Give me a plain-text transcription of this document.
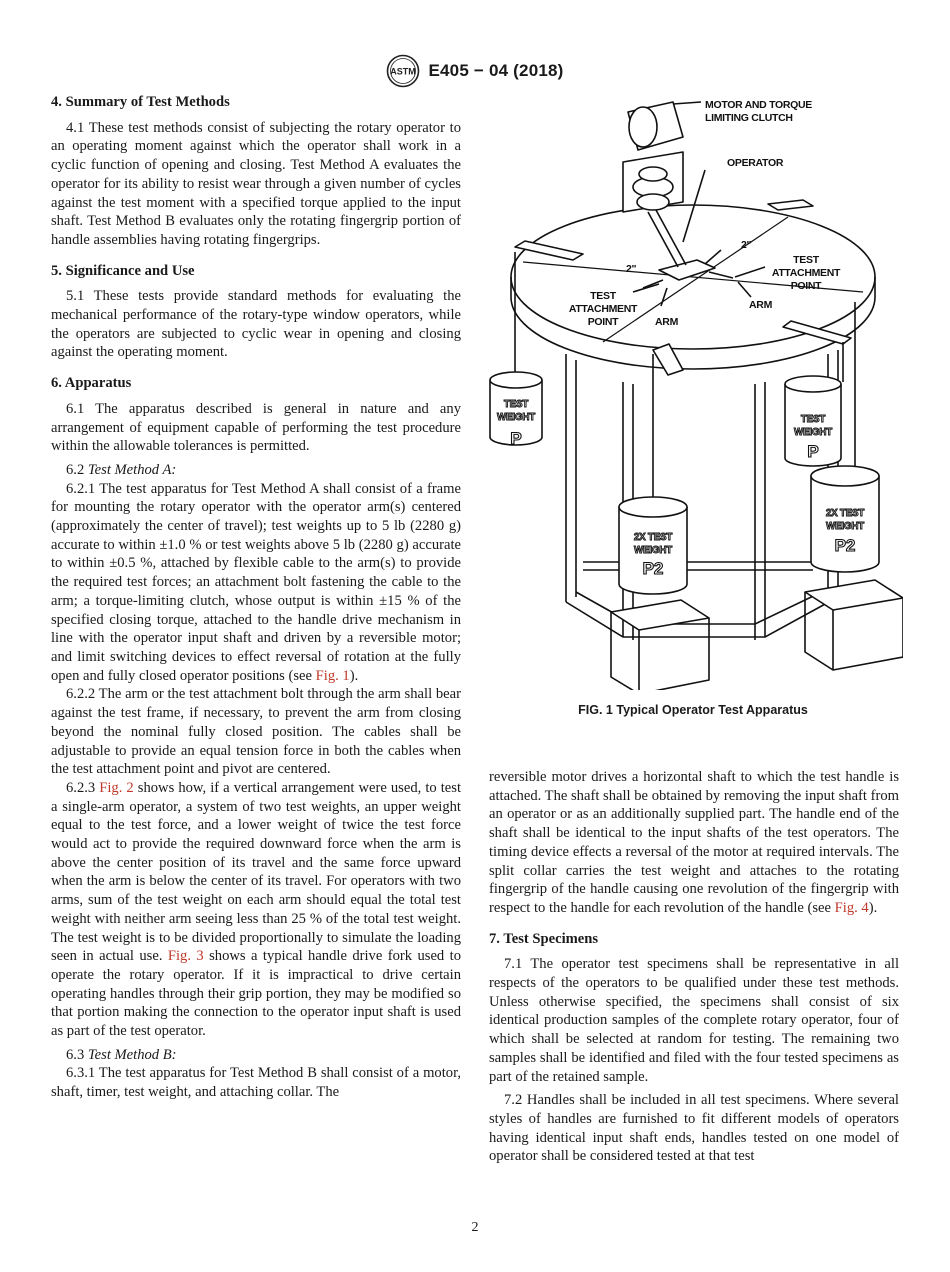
ASTM E405 − 04 (2018)
4. Summary of Test Methods

4.1 These test methods consist of subjecting the rotary operator to an operating moment against which the operator shall work in a cyclic function of opening and closing. Test Method A evaluates the operator for its ability to resist wear through a given number of cycles against the test moment with a specified torque applied to the input shaft. Test Method B evaluates only the rotating fingergrip portion of handle assemblies having rotating fingergrips.

5. Significance and Use

5.1 These tests provide standard methods for evaluating the mechanical performance of the rotary-type window operators, while the operators are subjected to cyclic wear in opening and closing against the operating moment.

6. Apparatus

6.1 The apparatus described is general in nature and any arrangement of equipment capable of performing the test procedure within the allowable tolerances is permitted.

6.2 Test Method A:

6.2.1 The test apparatus for Test Method A shall consist of a frame for mounting the rotary operator with the operator arm(s) centered (approximately the center of travel); test weights up to 5 lb (2280 g) accurate to within ±1.0 % or test weights above 5 lb (2280 g) accurate to within ±0.5 %, attached by flexible cable to the arm(s) to provide the required test forces; an attachment bolt fastening the cable to the arm; a torque-limiting clutch, whose output is within ±15 % of the specified closing torque, attached to the handle drive mechanism in line with the operator input shaft and driven by a reversible motor; and limit switching devices to effect reversal of rotation at the fully open and fully closed operator positions (see Fig. 1).

6.2.2 The arm or the test attachment bolt through the arm shall bear against the test frame, if necessary, to prevent the arm from closing beyond the nominal fully closed position. The cables shall be adjustable to provide an equal tension force in both the cables when the test attachment point and pivot are centered.

6.2.3 Fig. 2 shows how, if a vertical arrangement were used, to test a single-arm operator, a system of two test weights, an upper weight equal to the test force, and a lower weight of twice the test force would act to provide the required downward force when the arm is above the center position of its travel and the same force upward when the arm is below the center of its travel. For operators with two arms, sum of the test weight on each arm should equal the total test weight with neither arm seeing less than 25 % of the total test weight. The test weight is to be divided proportionally to simulate the loading seen in actual use. Fig. 3 shows a typical handle drive fork used to operate the rotary operator. If it is impractical to drive certain operating handles through their grip portion, they may be modified so that portion making the connection to the operator input shaft is used as part of the test operator.

6.3 Test Method B:

6.3.1 The test apparatus for Test Method B shall consist of a motor, shaft, timer, test weight, and attaching collar. The

MOTOR AND TORQUE
LIMITING CLUTCH
OPERATOR
2"
2"
TEST
ATTACHMENT
POINT
TEST
ATTACHMENT
POINT	ARM
ARM
TEST
WEIGHT
P
TEST
WEIGHT
P
2X TEST
WEIGHT
P2
2X TEST
WEIGHT
P2
FIG. 1 Typical Operator Test Apparatus

reversible motor drives a horizontal shaft to which the test handle is attached. The shaft shall be obtained by removing the input shaft from an operator or as an additionally supplied part. The handle end of the shaft shall be identical to the input shafts of the test operators. The timing device effects a reversal of the motor at required intervals. The split collar carries the test weight and attaches to the rotating fingergrip of the handle causing one revolution of the fingergrip with respect to the handle for each revolution of the handle (see Fig. 4).

7. Test Specimens

7.1 The operator test specimens shall be representative in all respects of the operators to be qualified under these test methods. Unless otherwise specified, the specimens shall consist of six identical production samples of the complete rotary operator, four of which shall be selected at random for testing. The remaining two samples shall be identified and filed with the four tested specimens as part of the retained sample.

7.2 Handles shall be included in all test specimens. Where several styles of handles are furnished to fit different models of operators having identical input shaft ends, handles tested on one model of operator shall be considered tested at that test

2
